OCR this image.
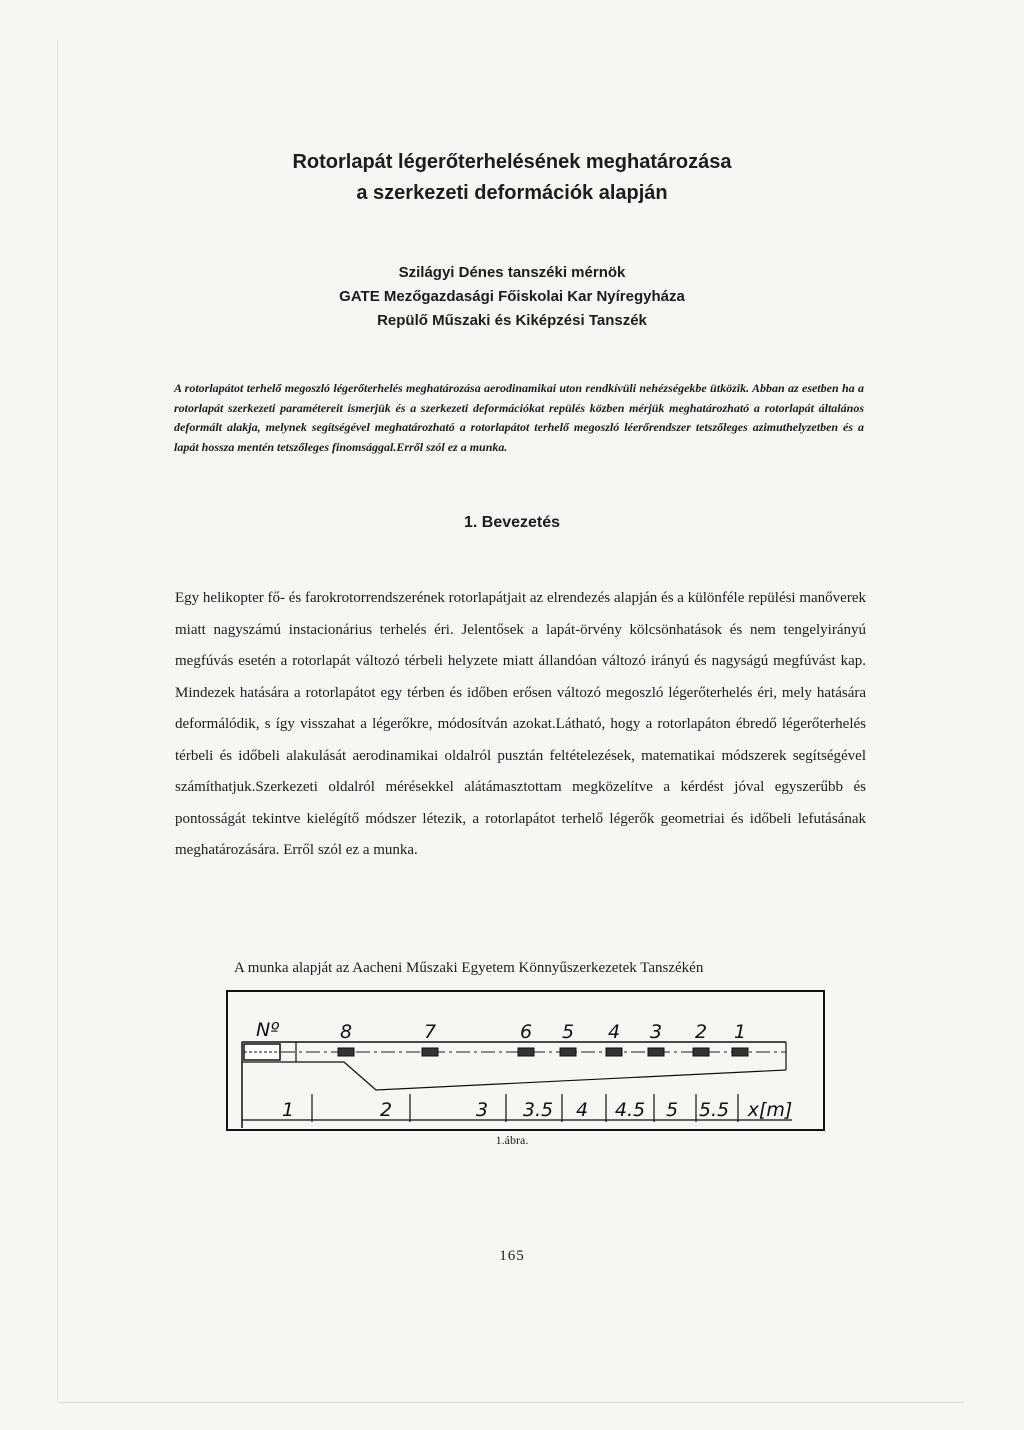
Rotorlapát légerőterhelésének meghatározása
a szerkezeti deformációk alapján

Szilágyi Dénes tanszéki mérnök

GATE Mezőgazdasági Főiskolai Kar Nyíregyháza

Repülő Műszaki és Kiképzési Tanszék

A rotorlapátot terhelő megoszló légerőterhelés meghatározása aerodinamikai uton rendkívüli nehézségekbe ütközik. Abban az esetben ha a rotorlapát szerkezeti paramétereit ismerjük és a szerkezeti deformációkat repülés közben mérjük meghatározható a rotorlapát általános deformált alakja, melynek segítségével meghatározható a rotorlapátot terhelő megoszló léerőrendszer tetszőleges azimuthelyzetben és a lapát hossza mentén tetszőleges finomsággal.Erről szól ez a munka.

1. Bevezetés

Egy helikopter fő- és farokrotorrendszerének rotorlapátjait az elrendezés alapján és a különféle repülési manőverek miatt nagyszámú instacionárius terhelés éri. Jelentősek a lapát-örvény kölcsönhatások és nem tengelyirányú megfúvás esetén a rotorlapát változó térbeli helyzete miatt állandóan változó irányú és nagyságú megfúvást kap. Mindezek hatására a rotorlapátot egy térben és időben erősen változó megoszló légerőterhelés éri, mely hatására deformálódik, s így visszahat a légerőkre, módosítván azokat.Látható, hogy a rotorlapáton ébredő légerőterhelés térbeli és időbeli alakulását aerodinamikai oldalról pusztán feltételezések, matematikai módszerek segítségével számíthatjuk.Szerkezeti oldalról mérésekkel alátámasztottam megközelítve a kérdést jóval egyszerűbb és pontosságát tekintve kielégítő módszer létezik, a rotorlapátot terhelő légerők geometriai és időbeli lefutásának meghatározására. Erről szól ez a munka.

A munka alapját az Aacheni Műszaki Egyetem Könnyűszerkezetek Tanszékén

8	7	6 5 4 3 2 1
1	2	3 3.5 4 4.5 5 5.5 x[m]
Nº

1.ábra.

165
